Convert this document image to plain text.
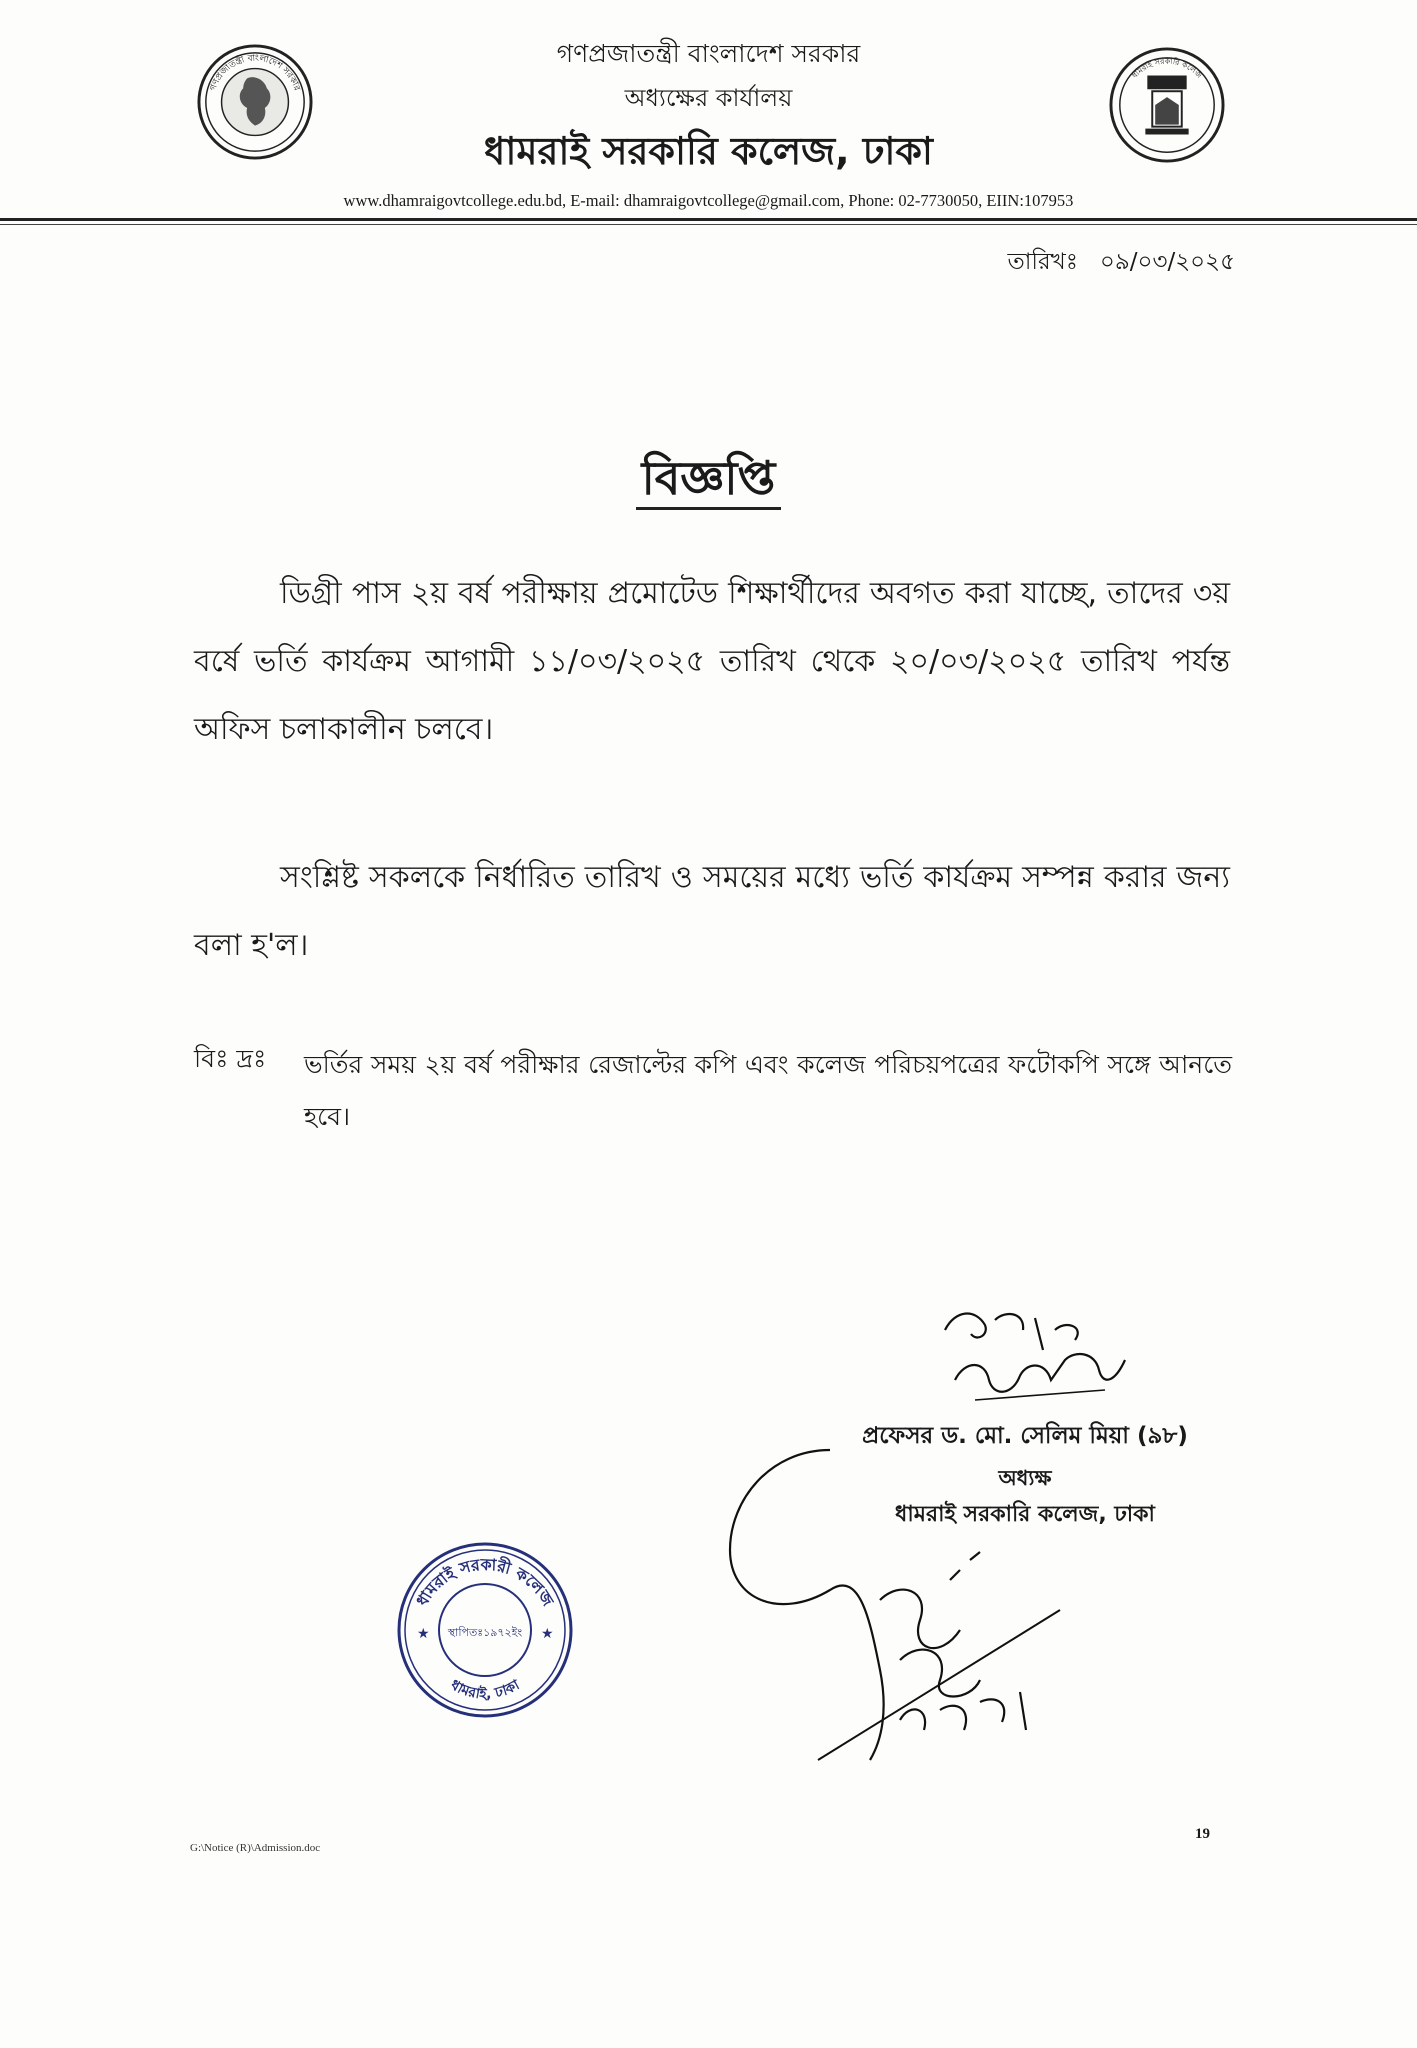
গণপ্রজাতন্ত্রী বাংলাদেশ সরকার
ধামরাই সরকারি কলেজ
গণপ্রজাতন্ত্রী বাংলাদেশ সরকার
অধ্যক্ষের কার্যালয়
ধামরাই সরকারি কলেজ, ঢাকা
www.dhamraigovtcollege.edu.bd, E-mail: dhamraigovtcollege@gmail.com, Phone: 02-7730050, EIIN:107953
তারিখঃ ০৯/০৩/২০২৫
বিজ্ঞপ্তি
ডিগ্রী পাস ২য় বর্ষ পরীক্ষায় প্রমোটেড শিক্ষার্থীদের অবগত করা যাচ্ছে, তাদের ৩য় বর্ষে ভর্তি কার্যক্রম আগামী ১১/০৩/২০২৫ তারিখ থেকে ২০/০৩/২০২৫ তারিখ পর্যন্ত অফিস চলাকালীন চলবে।
সংশ্লিষ্ট সকলকে নির্ধারিত তারিখ ও সময়ের মধ্যে ভর্তি কার্যক্রম সম্পন্ন করার জন্য বলা হ'ল।
বিঃ দ্রঃ ভর্তির সময় ২য় বর্ষ পরীক্ষার রেজাল্টের কপি এবং কলেজ পরিচয়পত্রের ফটোকপি সঙ্গে আনতে হবে।
প্রফেসর ড. মো. সেলিম মিয়া (৯৮)
অধ্যক্ষ
ধামরাই সরকারি কলেজ, ঢাকা
ধামরাই সরকারী কলেজ
স্থাপিতঃ১৯৭২ইং
ধামরাই, ঢাকা
★	★
G:\Notice (R)\Admission.doc
19
